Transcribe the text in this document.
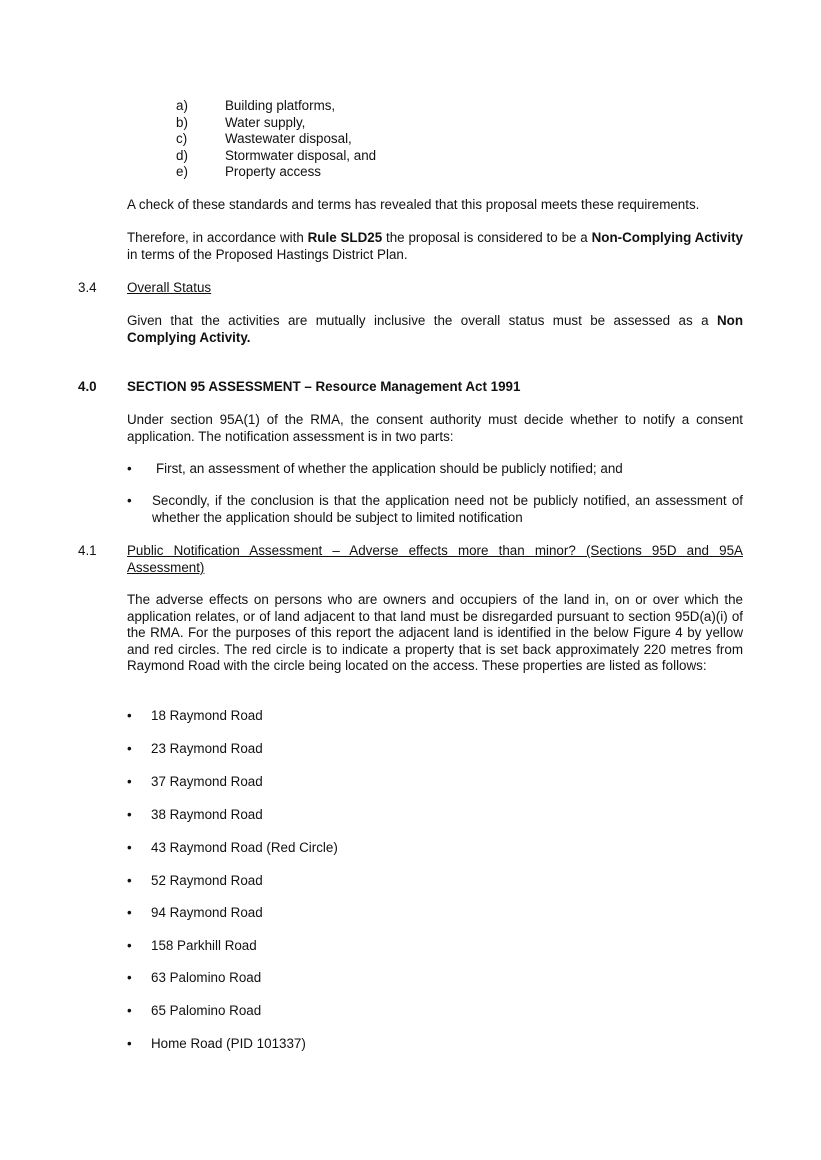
a)	Building platforms,
b)	Water supply,
c)	Wastewater disposal,
d)	Stormwater disposal, and
e)	Property access
A check of these standards and terms has revealed that this proposal meets these requirements.
Therefore, in accordance with Rule SLD25 the proposal is considered to be a Non-Complying Activity in terms of the Proposed Hastings District Plan.
3.4 Overall Status
Given that the activities are mutually inclusive the overall status must be assessed as a Non Complying Activity.
4.0 SECTION 95 ASSESSMENT – Resource Management Act 1991
Under section 95A(1) of the RMA, the consent authority must decide whether to notify a consent application. The notification assessment is in two parts:
•
First, an assessment of whether the application should be publicly notified; and
•
Secondly, if the conclusion is that the application need not be publicly notified, an assessment of whether the application should be subject to limited notification
4.1 Public Notification Assessment – Adverse effects more than minor? (Sections 95D and 95A Assessment)
The adverse effects on persons who are owners and occupiers of the land in, on or over which the application relates, or of land adjacent to that land must be disregarded pursuant to section 95D(a)(i) of the RMA. For the purposes of this report the adjacent land is identified in the below Figure 4 by yellow and red circles. The red circle is to indicate a property that is set back approximately 220 metres from Raymond Road with the circle being located on the access. These properties are listed as follows:
• 18 Raymond Road
• 23 Raymond Road
• 37 Raymond Road
• 38 Raymond Road
• 43 Raymond Road (Red Circle)
• 52 Raymond Road
• 94 Raymond Road
• 158 Parkhill Road
• 63 Palomino Road
• 65 Palomino Road
• Home Road (PID 101337)
